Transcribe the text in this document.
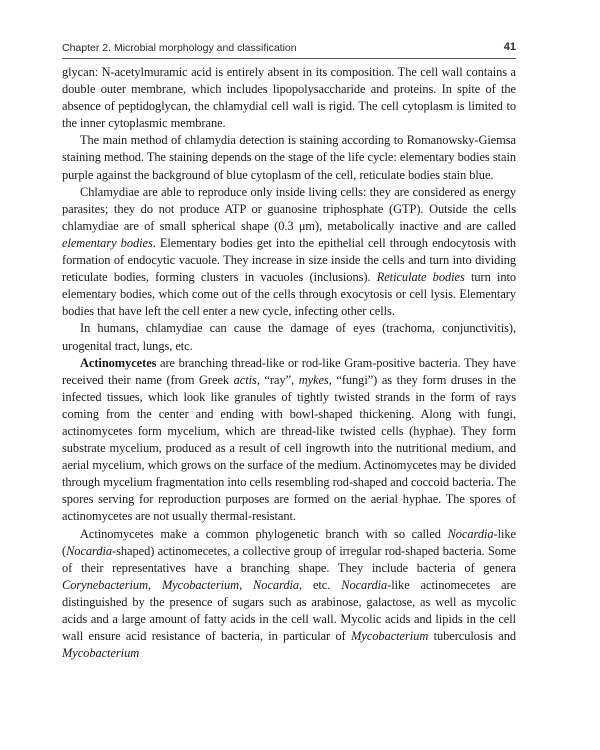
Chapter 2. Microbial morphology and classification	41

glycan: N-acetylmuramic acid is entirely absent in its composition. The cell wall contains a double outer membrane, which includes lipopolysaccharide and proteins. In spite of the absence of peptidoglycan, the chlamydial cell wall is rigid. The cell cytoplasm is limited to the inner cytoplasmic membrane.

The main method of chlamydia detection is staining according to Romanowsky-Giemsa staining method. The staining depends on the stage of the life cycle: elementary bodies stain purple against the background of blue cytoplasm of the cell, reticulate bodies stain blue.

Chlamydiae are able to reproduce only inside living cells: they are considered as energy parasites; they do not produce ATP or guanosine triphosphate (GTP). Outside the cells chlamydiae are of small spherical shape (0.3 μm), metabolically inactive and are called elementary bodies. Elementary bodies get into the epithelial cell through endocytosis with formation of endocytic vacuole. They increase in size inside the cells and turn into dividing reticulate bodies, forming clusters in vacuoles (inclusions). Reticulate bodies turn into elementary bodies, which come out of the cells through exocytosis or cell lysis. Elementary bodies that have left the cell enter a new cycle, infecting other cells.

In humans, chlamydiae can cause the damage of eyes (trachoma, conjunctivitis), urogenital tract, lungs, etc.

Actinomycetes are branching thread-like or rod-like Gram-positive bacteria. They have received their name (from Greek actis, “ray”, mykes, “fungi”) as they form druses in the infected tissues, which look like granules of tightly twisted strands in the form of rays coming from the center and ending with bowl-shaped thickening. Along with fungi, actinomycetes form mycelium, which are thread-like twisted cells (hyphae). They form substrate mycelium, produced as a result of cell ingrowth into the nutritional medium, and aerial mycelium, which grows on the surface of the medium. Actinomycetes may be divided through mycelium fragmentation into cells resembling rod-shaped and coccoid bacteria. The spores serving for reproduction purposes are formed on the aerial hyphae. The spores of actinomycetes are not usually thermal-resistant.

Actinomycetes make a common phylogenetic branch with so called Nocardia-like (Nocardia-shaped) actinomecetes, a collective group of irregular rod-shaped bacteria. Some of their representatives have a branching shape. They include bacteria of genera Corynebacterium, Mycobacterium, Nocardia, etc. Nocardia-like actinomecetes are distinguished by the presence of sugars such as arabinose, galactose, as well as mycolic acids and a large amount of fatty acids in the cell wall. Mycolic acids and lipids in the cell wall ensure acid resistance of bacteria, in particular of Mycobacterium tuberculosis and Mycobacterium
